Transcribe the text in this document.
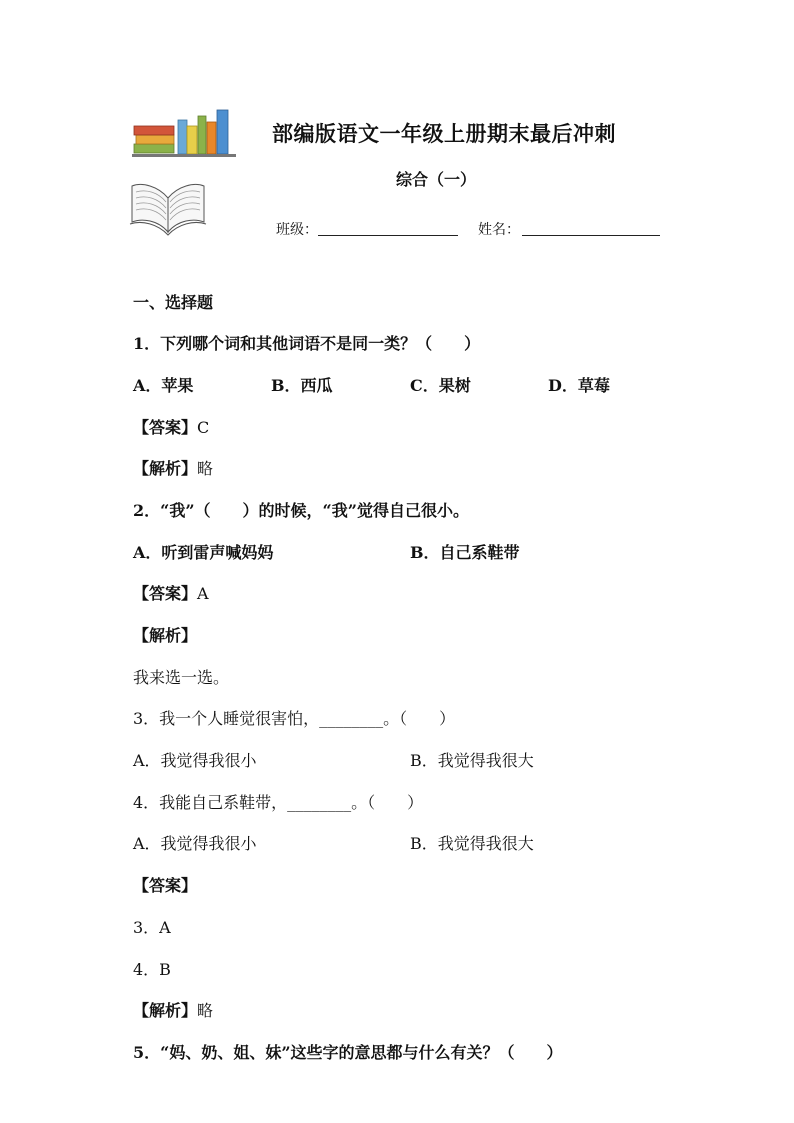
部编版语文一年级上册期末最后冲刺
综合（一）
班级：	姓名：
一、选择题
1．下列哪个词和其他词语不是同一类？（　　）
A．苹果	B．西瓜	C．果树	D．草莓
【答案】C
【解析】略
2．“我”（　　）的时候，“我”觉得自己很小。
A．听到雷声喊妈妈	B．自己系鞋带
【答案】A
【解析】
我来选一选。
3．我一个人睡觉很害怕，________。（　　）
A．我觉得我很小	B．我觉得我很大
4．我能自己系鞋带，________。（　　）
A．我觉得我很小	B．我觉得我很大
【答案】
3．A
4．B
【解析】略
5．“妈、奶、姐、妹”这些字的意思都与什么有关？（　　）
